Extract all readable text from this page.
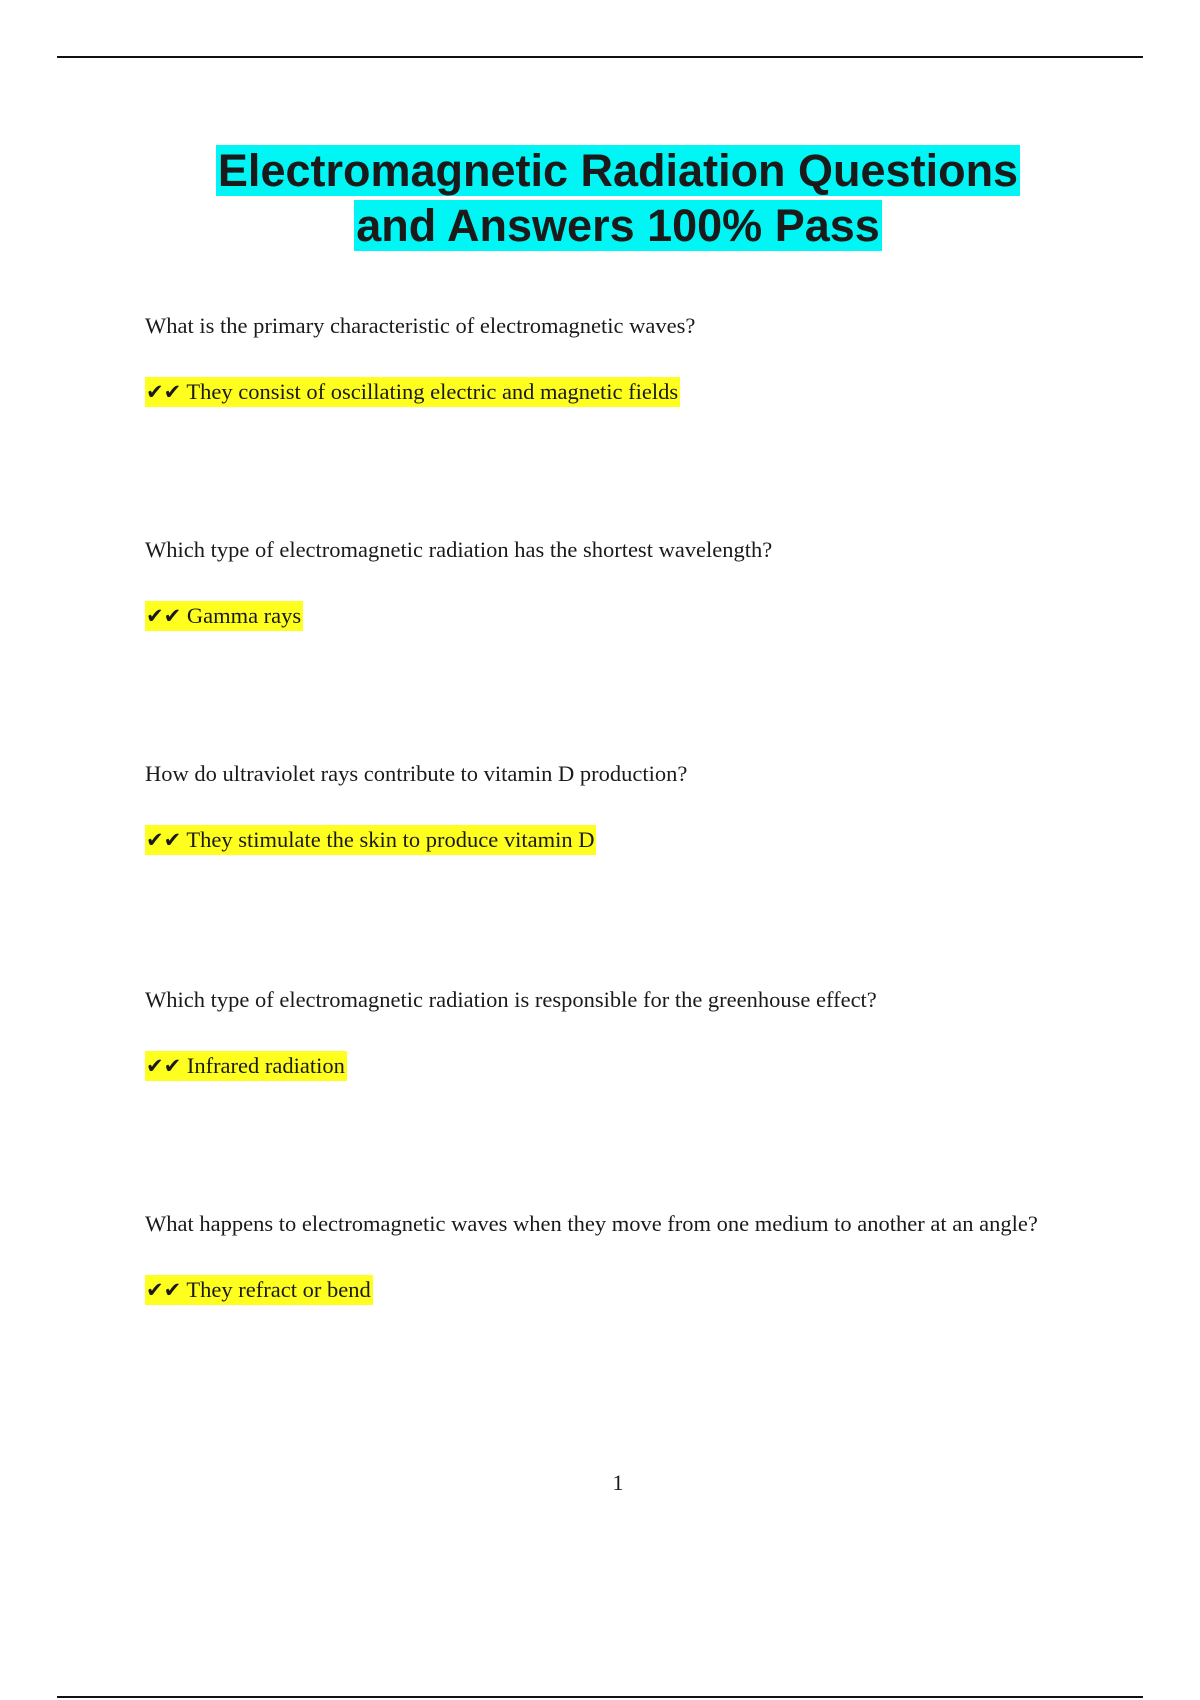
Electromagnetic Radiation Questions
and Answers 100% Pass

What is the primary characteristic of electromagnetic waves?

✔✔ They consist of oscillating electric and magnetic fields

Which type of electromagnetic radiation has the shortest wavelength?

✔✔ Gamma rays

How do ultraviolet rays contribute to vitamin D production?

✔✔ They stimulate the skin to produce vitamin D

Which type of electromagnetic radiation is responsible for the greenhouse effect?

✔✔ Infrared radiation

What happens to electromagnetic waves when they move from one medium to another at an angle?

✔✔ They refract or bend

1
